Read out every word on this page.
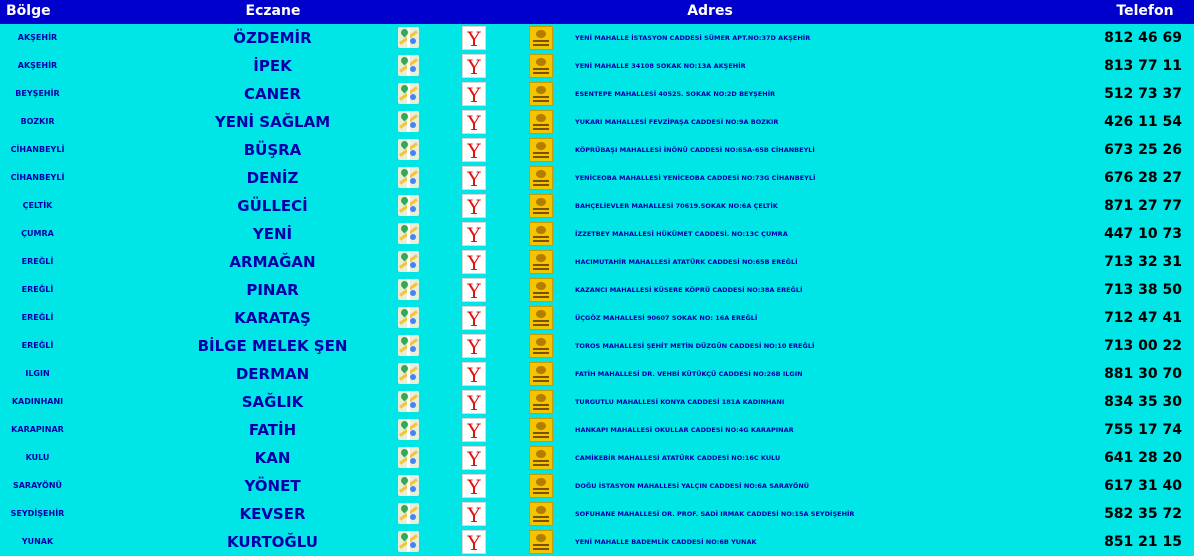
Bölge	Eczane	Adres	Telefon
AKŞEHİR	ÖZDEMİR	Y	YENİ MAHALLE İSTASYON CADDESİ SÜMER APT.NO:37D AKŞEHİR	812 46 69
AKŞEHİR	İPEK	Y	YENİ MAHALLE 34108 SOKAK NO:13A AKŞEHİR	813 77 11
BEYŞEHİR	CANER	Y	ESENTEPE MAHALLESİ 40525. SOKAK NO:2D BEYŞEHİR	512 73 37
BOZKIR	YENİ SAĞLAM	Y	YUKARI MAHALLESİ FEVZİPAŞA CADDESİ NO:9A BOZKIR	426 11 54
CİHANBEYLİ	BÜŞRA	Y	KÖPRÜBAŞI MAHALLESİ İNÖNÜ CADDESİ NO:65A-65B CİHANBEYLİ	673 25 26
CİHANBEYLİ	DENİZ	Y	YENİCEOBA MAHALLESİ YENİCEOBA CADDESİ NO:73G CİHANBEYLİ	676 28 27
ÇELTİK	GÜLLECİ	Y	BAHÇELİEVLER MAHALLESİ 70619.SOKAK NO:6A ÇELTİK	871 27 77
ÇUMRA	YENİ	Y	İZZETBEY MAHALLESİ HÜKÜMET CADDESİ. NO:13C ÇUMRA	447 10 73
EREĞLİ	ARMAĞAN	Y	HACIMUTAHİR MAHALLESİ ATATÜRK CADDESİ NO:65B EREĞLİ	713 32 31
EREĞLİ	PINAR	Y	KAZANCI MAHALLESİ KÜSERE KÖPRÜ CADDESİ NO:38A EREĞLİ	713 38 50
EREĞLİ	KARATAŞ	Y	ÜÇGÖZ MAHALLESİ 90607 SOKAK NO: 16A EREĞLİ	712 47 41
EREĞLİ	BİLGE MELEK ŞEN	Y	TOROS MAHALLESİ ŞEHİT METİN DÜZGÜN CADDESİ NO:10 EREĞLİ	713 00 22
ILGIN	DERMAN	Y	FATİH MAHALLESİ DR. VEHBİ KÜTÜKÇÜ CADDESİ NO:26B ILGIN	881 30 70
KADINHANI	SAĞLIK	Y	TURGUTLU MAHALLESİ KONYA CADDESİ 181A KADINHANI	834 35 30
KARAPINAR	FATİH	Y	HANKAPI MAHALLESİ OKULLAR CADDESİ NO:4G KARAPINAR	755 17 74
KULU	KAN	Y	CAMİKEBİR MAHALLESİ ATATÜRK CADDESİ NO:16C KULU	641 28 20
SARAYÖNÜ	YÖNET	Y	DOĞU İSTASYON MAHALLESİ YALÇIN CADDESİ NO:6A SARAYÖNÜ	617 31 40
SEYDİŞEHİR	KEVSER	Y	SOFUHANE MAHALLESİ OR. PROF. SADİ IRMAK CADDESİ NO:15A SEYDİŞEHİR	582 35 72
YUNAK	KURTOĞLU	Y	YENİ MAHALLE BADEMLİK CADDESİ NO:6B YUNAK	851 21 15
